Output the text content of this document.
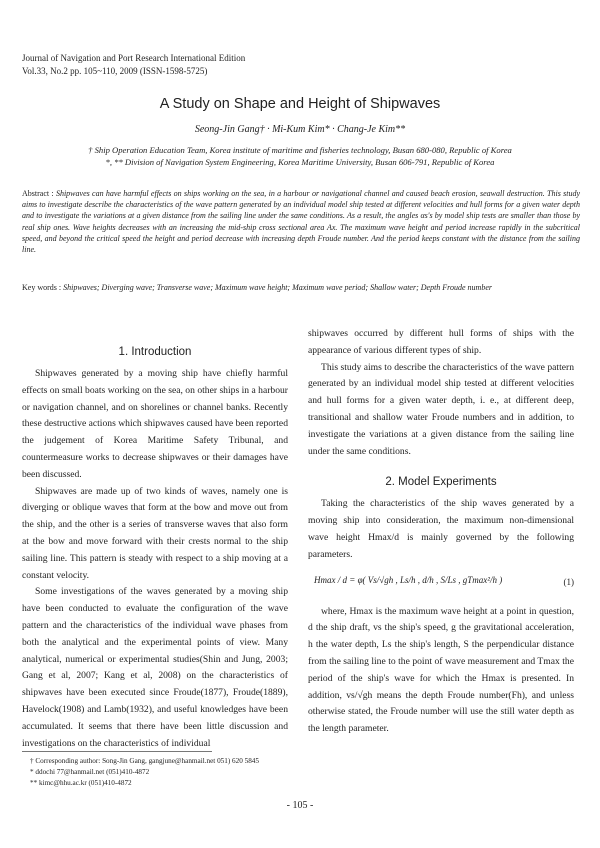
Journal of Navigation and Port Research International Edition
Vol.33, No.2 pp. 105~110, 2009 (ISSN-1598-5725)
A Study on Shape and Height of Shipwaves
Seong-Jin Gang† · Mi-Kum Kim* · Chang-Je Kim**
† Ship Operation Education Team, Korea institute of maritime and fisheries technology, Busan 680-080, Republic of Korea
*, ** Division of Navigation System Engineering, Korea Maritime University, Busan 606-791, Republic of Korea
Abstract : Shipwaves can have harmful effects on ships working on the sea, in a harbour or navigational channel and caused beach erosion, seawall destruction. This study aims to investigate describe the characteristics of the wave pattern generated by an individual model ship tested at different velocities and hull forms for a given water depth and to investigate the variations at a given distance from the sailing line under the same conditions. As a result, the angles αs's by model ship tests are smaller than those by real ship ones. Wave heights decreases with an increasing the mid-ship cross sectional area Ax. The maximum wave height and period increase rapidly in the subcritical speed, and beyond the critical speed the height and period decrease with increasing depth Froude number. And the period keeps constant with the distance from the sailing line.
Key words : Shipwaves; Diverging wave; Transverse wave; Maximum wave height; Maximum wave period; Shallow water; Depth Froude number
1. Introduction

Shipwaves generated by a moving ship have chiefly harmful effects on small boats working on the sea, on other ships in a harbour or navigation channel, and on shorelines or channel banks. Recently these destructive actions which shipwaves caused have been reported the judgement of Korea Maritime Safety Tribunal, and countermeasure works to decrease shipwaves or their damages have been discussed.

Shipwaves are made up of two kinds of waves, namely one is diverging or oblique waves that form at the bow and move out from the ship, and the other is a series of transverse waves that also form at the bow and move forward with their crests normal to the ship sailing line. This pattern is steady with respect to a ship moving at a constant velocity.

Some investigations of the waves generated by a moving ship have been conducted to evaluate the configuration of the wave pattern and the characteristics of the individual wave phases from both the analytical and the experimental points of view. Many analytical, numerical or experimental studies(Shin and Jung, 2003; Gang et al, 2007; Kang et al, 2008) on the characteristics of shipwaves have been executed since Froude(1877), Froude(1889), Havelock(1908) and Lamb(1932), and useful knowledges have been accumulated. It seems that there have been little discussion and investigations on the characteristics of individual

shipwaves occurred by different hull forms of ships with the appearance of various different types of ship.

This study aims to describe the characteristics of the wave pattern generated by an individual model ship tested at different velocities and hull forms for a given water depth, i. e., at different deep, transitional and shallow water Froude numbers and in addition, to investigate the variations at a given distance from the sailing line under the same conditions.

2. Model Experiments

Taking the characteristics of the ship waves generated by a moving ship into consideration, the maximum non-dimensional wave height Hmax/d is mainly governed by the following parameters.

Hmax / d = φ( Vs/√gh , Ls/h , d/h , S/Ls , gTmax²/h )	(1)

where, Hmax is the maximum wave height at a point in question, d the ship draft, vs the ship's speed, g the gravitational acceleration, h the water depth, Ls the ship's length, S the perpendicular distance from the sailing line to the point of wave measurement and Tmax the period of the ship's wave for which the Hmax is presented. In addition, vs/√gh means the depth Froude number(Fh), and unless otherwise stated, the Froude number will use the still water depth as the length parameter.

† Corresponding author: Song-Jin Gang, gangjune@hanmail.net 051) 620 5845
* ddochi 77@hanmail.net (051)410-4872
** kimc@hhu.ac.kr (051)410-4872
- 105 -
